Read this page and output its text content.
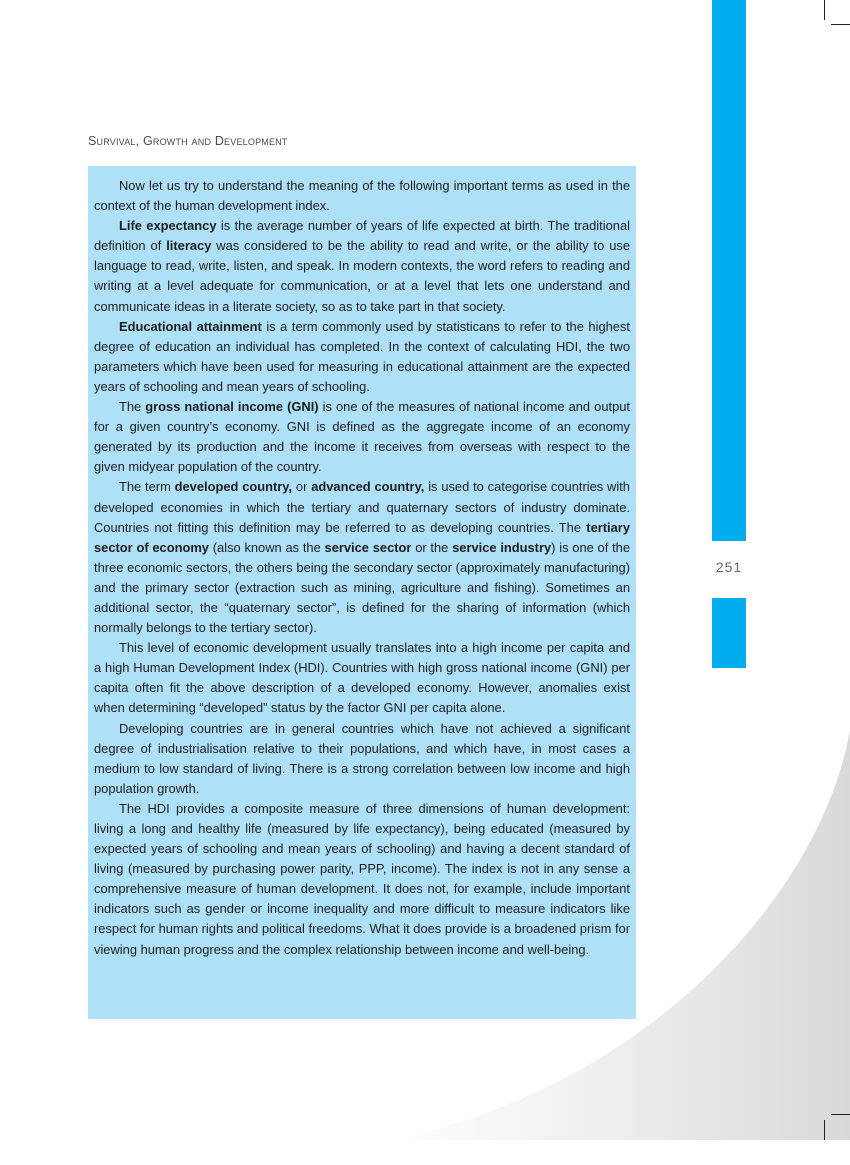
Survival, Growth and Development

Now let us try to understand the meaning of the following important terms as used in the context of the human development index.

Life expectancy is the average number of years of life expected at birth. The traditional definition of literacy was considered to be the ability to read and write, or the ability to use language to read, write, listen, and speak. In modern contexts, the word refers to reading and writing at a level adequate for communication, or at a level that lets one understand and communicate ideas in a literate society, so as to take part in that society.

Educational attainment is a term commonly used by statisticans to refer to the highest degree of education an individual has completed. In the context of calculating HDI, the two parameters which have been used for measuring in educational attainment are the expected years of schooling and mean years of schooling.

The gross national income (GNI) is one of the measures of national income and output for a given country’s economy. GNI is defined as the aggregate income of an economy generated by its production and the income it receives from overseas with respect to the given midyear population of the country.

The term developed country, or advanced country, is used to categorise countries with developed economies in which the tertiary and quaternary sectors of industry dominate. Countries not fitting this definition may be referred to as developing countries. The tertiary sector of economy (also known as the service sector or the service industry) is one of the three economic sectors, the others being the secondary sector (approximately manufacturing) and the primary sector (extraction such as mining, agriculture and fishing). Sometimes an additional sector, the “quaternary sector”, is defined for the sharing of information (which normally belongs to the tertiary sector).

This level of economic development usually translates into a high income per capita and a high Human Development Index (HDI). Countries with high gross national income (GNI) per capita often fit the above description of a developed economy. However, anomalies exist when determining “developed” status by the factor GNI per capita alone.

Developing countries are in general countries which have not achieved a significant degree of industrialisation relative to their populations, and which have, in most cases a medium to low standard of living. There is a strong correlation between low income and high population growth.

The HDI provides a composite measure of three dimensions of human development: living a long and healthy life (measured by life expectancy), being educated (measured by expected years of schooling and mean years of schooling) and having a decent standard of living (measured by purchasing power parity, PPP, income). The index is not in any sense a comprehensive measure of human development. It does not, for example, include important indicators such as gender or income inequality and more difficult to measure indicators like respect for human rights and political freedoms. What it does provide is a broadened prism for viewing human progress and the complex relationship between income and well-being.

251
